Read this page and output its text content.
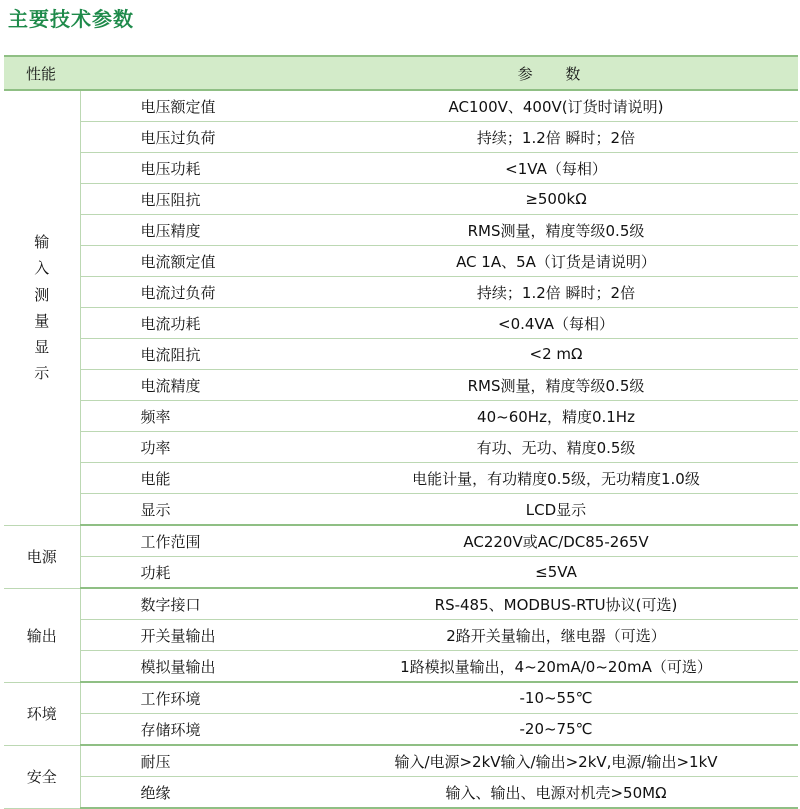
主要技术参数
性能		参 数
输入测量显示	电压额定值	AC100V、400V(订货时请说明)
	电压过负荷	持续；1.2倍 瞬时；2倍
	电压功耗	<1VA（每相）
	电压阻抗	≥500kΩ
	电压精度	RMS测量，精度等级0.5级
	电流额定值	AC 1A、5A（订货是请说明）
	电流过负荷	持续；1.2倍 瞬时；2倍
	电流功耗	<0.4VA（每相）
	电流阻抗	<2 mΩ
	电流精度	RMS测量，精度等级0.5级
	频率	40~60Hz，精度0.1Hz
	功率	有功、无功、精度0.5级
	电能	电能计量，有功精度0.5级，无功精度1.0级
	显示	LCD显示
电源	工作范围	AC220V或AC/DC85-265V
	功耗	≤5VA
输出	数字接口	RS-485、MODBUS-RTU协议(可选)
	开关量输出	2路开关量输出，继电器（可选）
	模拟量输出	1路模拟量输出，4~20mA/0~20mA（可选）
环境	工作环境	-10~55℃
	存储环境	-20~75℃
安全	耐压	输入/电源>2kV输入/输出>2kV,电源/输出>1kV
	绝缘	输入、输出、电源对机壳>50MΩ
